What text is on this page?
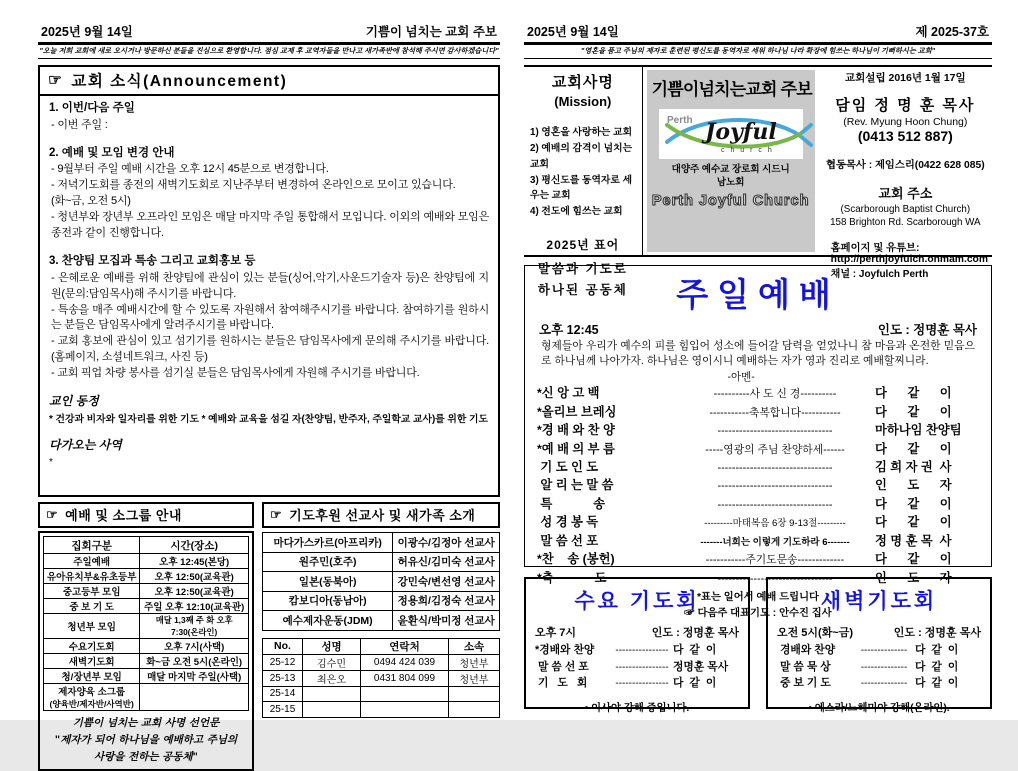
2025년 9월 14일	기쁨이 넘치는 교회 주보
"오늘 저희 교회에 새로 오시거나 방문하신 분들을 진심으로 환영합니다. 점심 교제 후 교역자들을 만나고 새가족반에 참석해 주시면 감사하겠습니다"
☞ 교회 소식(Announcement)
1. 이번/다음 주일
- 이번 주일 :
2. 예배 및 모임 변경 안내
- 9월부터 주일 예배 시간을 오후 12시 45분으로 변경합니다.
- 저녁기도회를 종전의 새벽기도회로 지난주부터 변경하여 온라인으로 모이고 있습니다.
(화~금, 오전 5시)
- 청년부와 장년부 오프라인 모임은 매달 마지막 주일 통합해서 모입니다. 이외의 예배와 모임은 종전과 같이 진행합니다.
3. 찬양팀 모집과 특송 그리고 교회홍보 등
- 은혜로운 예배를 위해 찬양팀에 관심이 있는 분들(싱어,악기,사운드기술자 등)은 찬양팀에 지원(문의:담임목사)해 주시기를 바랍니다.
- 특송을 매주 예배시간에 할 수 있도록 자원해서 참여해주시기를 바랍니다. 참여하기를 원하시는 분들은 담임목사에게 알려주시기를 바랍니다.
- 교회 홍보에 관심이 있고 섬기기를 원하시는 분들은 담임목사에게 문의해 주시기를 바랍니다.(홈페이지, 소셜네트워크, 사진 등)
- 교회 픽업 차량 봉사를 섬기실 분들은 담임목사에게 자원해 주시기를 바랍니다.
교인 동정
* 건강과 비자와 일자리를 위한 기도 * 예배와 교육을 섬길 자(찬양팀, 반주자, 주일학교 교사)를 위한 기도
다가오는 사역
*
☞ 예배 및 소그룹 안내
집회구분	시간(장소)
주일예배	오후 12:45(본당)
유아유치부&유초등부	오후 12:50(교육관)
중고등부 모임	오후 12:50(교육관)
중 보 기 도	주일 오후 12:10(교육관)
청년부 모임	매달 1,3째 주 화 오후 7:30(온라인)
수요기도회	오후 7시(사택)
새벽기도회	화~금 오전 5시(온라인)
청/장년부 모임	매달 마지막 주일(사택)
제자양육 소그룹
(양육반/제자반/사역반)	

기쁨이 넘치는 교회 사명 선언문
"제자가 되어 하나님을 예배하고 주님의
사랑을 전하는 공동체"
☞ 기도후원 선교사 및 새가족 소개
마다가스카르(아프리카)	이광수/김정아 선교사
원주민(호주)	허유신/김미숙 선교사
일본(동북아)	강민숙/변선영 선교사
캄보디아(동남아)	정용희/김정숙 선교사
예수제자운동(JDM)	윤환식/박미정 선교사
No.	성명	연락처	소속
25-12	김수민	0494 424 039	청년부
25-13	최은오	0431 804 099	청년부
25-14			
25-15			
2025년 9월 14일	제 2025-37호
"영혼을 품고 주님의 제자로 훈련된 평신도를 동역자로 세워 하나님 나라 확장에 힘쓰는 하나님이 기뻐하시는 교회"
교회사명
(Mission)
1) 영혼을 사랑하는 교회
2) 예배의 감격이 넘치는 교회
3) 평신도를 동역자로 세우는 교회
4) 전도에 힘쓰는 교회
2025년 표어
말씀과 기도로
하나된 공동체
기쁨이넘치는교회 주보
Perth Joyful
c h u r c h
대양주 예수교 장로회 시드니
남노회
Perth Joyful Church
교회설립 2016년 1월 17일
담임 정 명 훈 목사
(Rev. Myung Hoon Chung)
(0413 512 887)
협동목사 : 제임스리(0422 628 085)
교회 주소
(Scarborough Baptist Church)
158 Brighton Rd. Scarborough WA
홈페이지 및 유튜브:
http://perthjoyfulch.onmam.com
채널 : Joyfulch Perth
주일예배
오후 12:45	인도 : 정명훈 목사
형제들아 우리가 예수의 피를 힘입어 성소에 들어갈 담력을 얻었나니 참 마음과 온전한 믿음으로 하나님께 나아가자. 하나님은 영이시니 예배하는 자가 영과 진리로 예배할찌니라.
-아멘-
*신 앙 고 백	----------사 도 신 경----------	다      같      이
*올리브 브레싱	-----------축복합니다-----------	다      같      이
*경 배 와 찬 양	--------------------------------	마하나임 찬양팀
*예 배 의 부 름	-----영광의 주님 찬양하세------	다      같      이
기 도 인 도	--------------------------------	김 희 자 권  사
알 리 는 말 씀	--------------------------------	인      도      자
특            송	--------------------------------	다      같      이
성 경 봉 독	---------마태복음 6장 9-13절---------	다      같      이
말 씀 선 포	-------너희는 이렇게 기도하라 6-------	정 명 훈 목  사
*찬    송 (봉헌)	-----------주기도문송-------------	다      같      이
*축            도	--------------------------------	인      도      자
*표는 일어서 예배 드립니다
☞ 다음주 대표기도 : 안수진 집사
수요 기도회
오후 7시	인도 : 정명훈 목사
*경배와 찬양	---------------- 다  같  이
말 씀 선 포	---------------- 정명훈 목사
기   도   회	---------------- 다  같  이
• 이사야 강해 중입니다.
새벽기도회
오전 5시(화~금)	인도 : 정명훈 목사
경배와 찬양	-------------- 다  같  이
말 씀 묵 상	-------------- 다  같  이
중 보 기 도	-------------- 다  같  이
• 에스라/느헤미야 강해(온라인).
